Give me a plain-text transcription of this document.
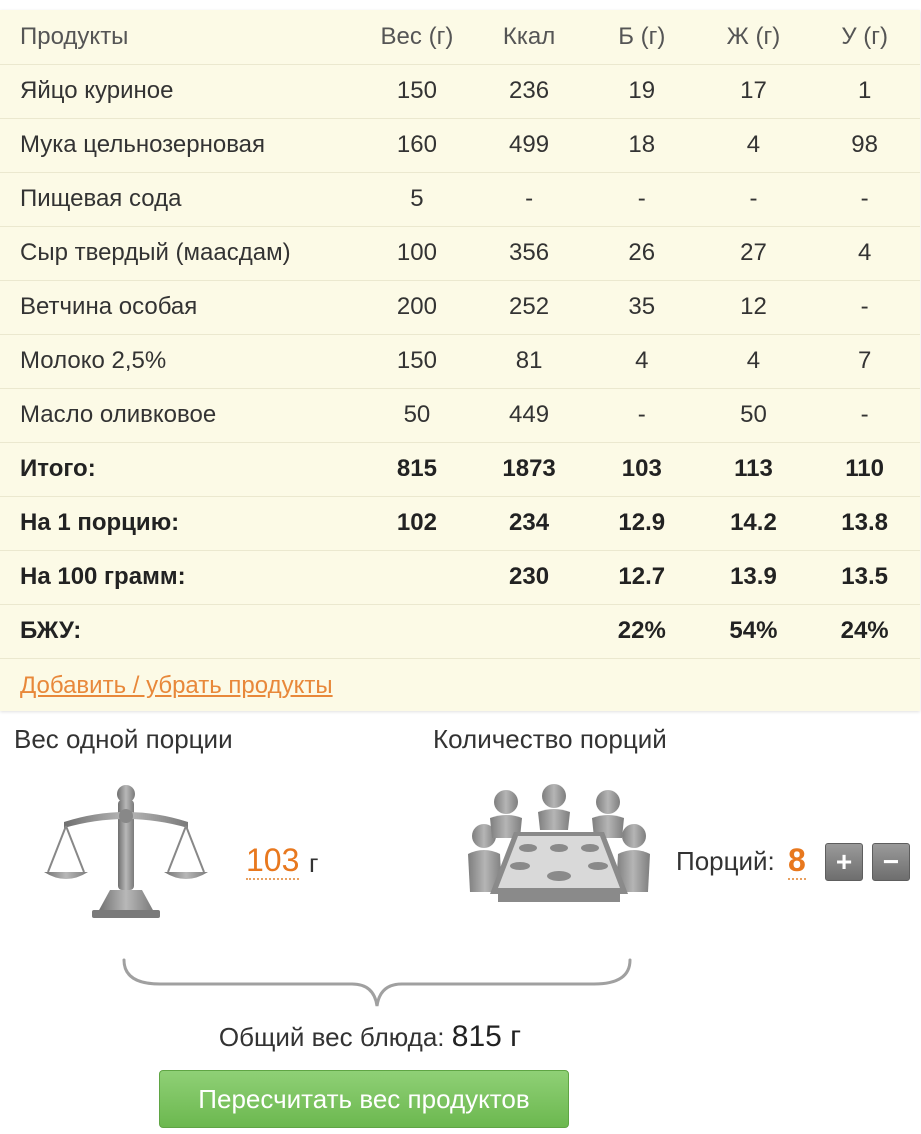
Продукты	Вес (г)	Ккал	Б (г)	Ж (г)	У (г)
Яйцо куриное	150	236	19	17	1
Мука цельнозерновая	160	499	18	4	98
Пищевая сода	5	-	-	-	-
Сыр твердый (маасдам)	100	356	26	27	4
Ветчина особая	200	252	35	12	-
Молоко 2,5%	150	81	4	4	7
Масло оливковое	50	449	-	50	-
Итого:	815	1873	103	113	110
На 1 порцию:	102	234	12.9	14.2	13.8
На 100 грамм:		230	12.7	13.9	13.5
БЖУ:			22%	54%	24%
Добавить / убрать продукты
Вес одной порции	Количество порций
103 г	Порций: 8	+	−
Общий вес блюда: 815 г
Пересчитать вес продуктов
